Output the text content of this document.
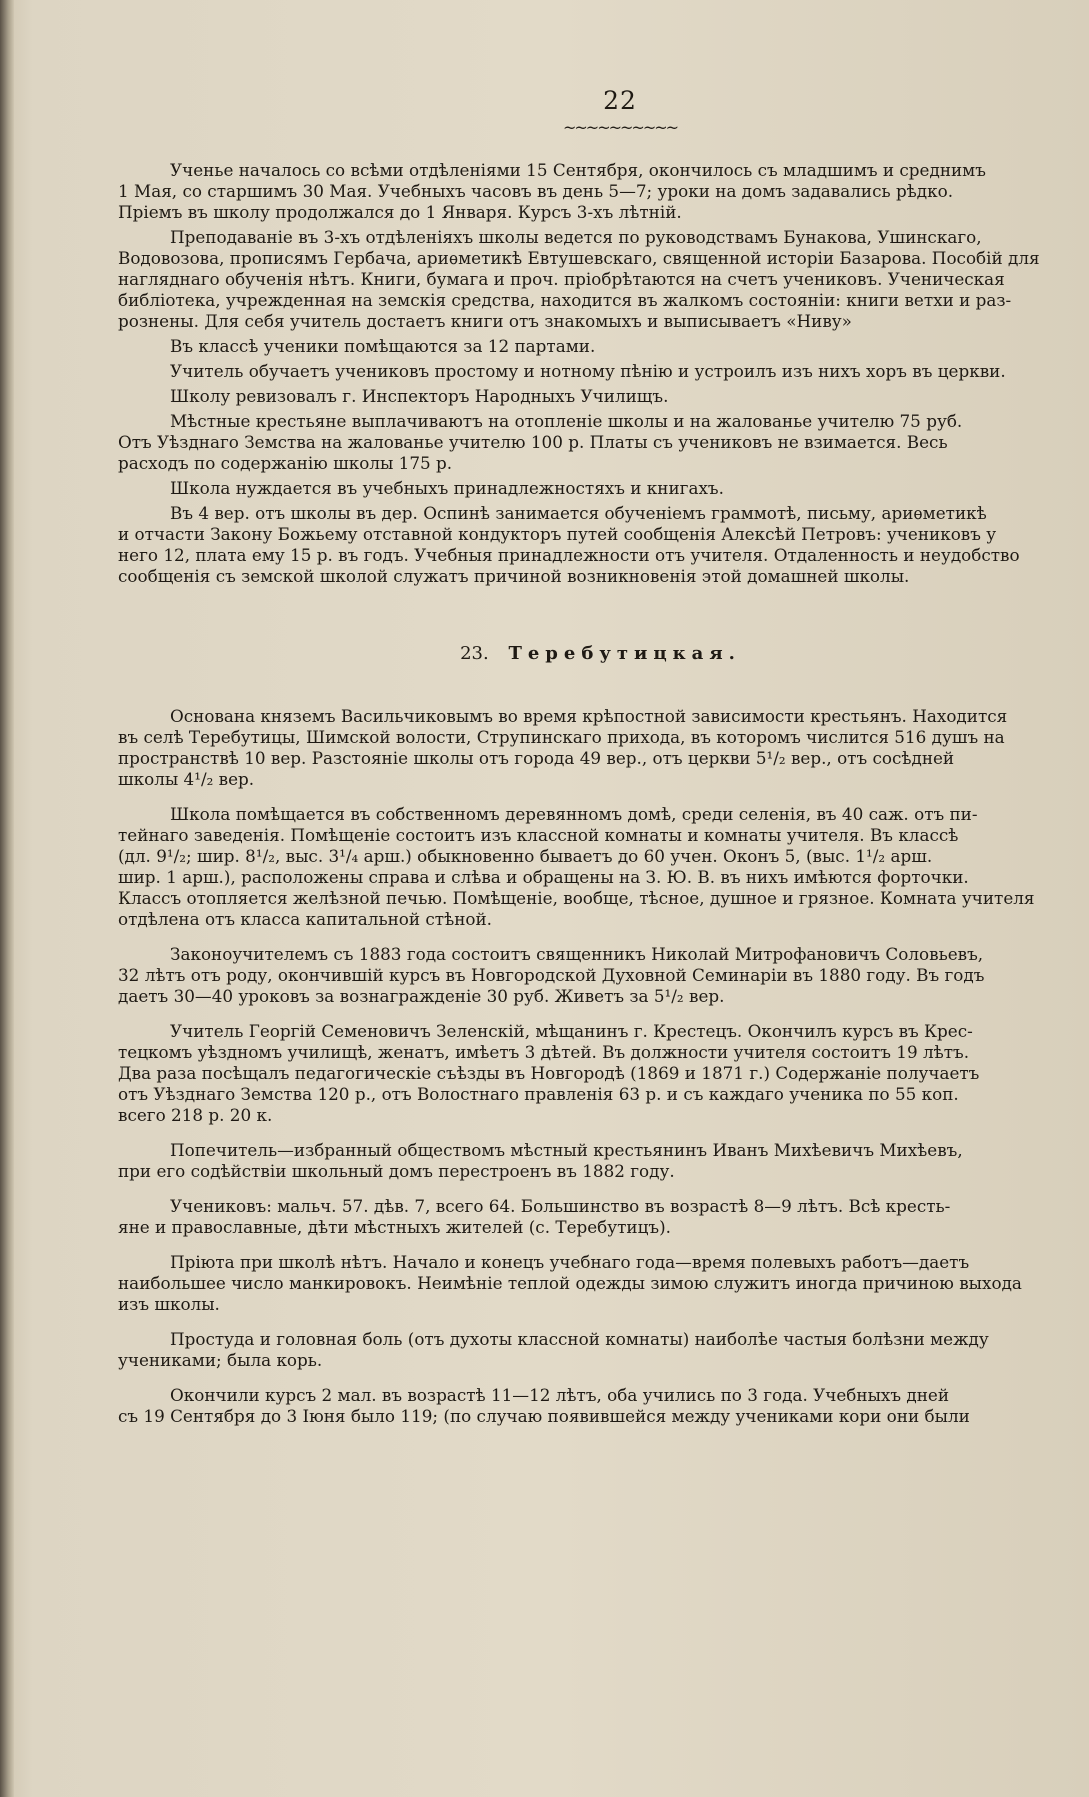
22
~~~~~~~~~~

Ученье началось со всѣми отдѣленіями 15 Сентября, окончилось съ младшимъ и среднимъ
1 Мая, со старшимъ 30 Мая. Учебныхъ часовъ въ день 5—7; уроки на домъ задавались рѣдко.
Пріемъ въ школу продолжался до 1 Января. Курсъ 3-хъ лѣтній.

Преподаваніе въ 3-хъ отдѣленіяхъ школы ведется по руководствамъ Бунакова, Ушинскаго,
Водовозова, прописямъ Гербача, ариѳметикѣ Евтушевскаго, священной исторіи Базарова. Пособій для
нагляднаго обученія нѣтъ. Книги, бумага и проч. пріобрѣтаются на счетъ учениковъ. Ученическая
библiотека, учрежденная на земскія средства, находится въ жалкомъ состояніи: книги ветхи и раз-
рознены. Для себя учитель достаетъ книги отъ знакомыхъ и выписываетъ «Ниву»

Въ классѣ ученики помѣщаются за 12 партами.

Учитель обучаетъ учениковъ простому и нотному пѣнію и устроилъ изъ нихъ хоръ въ церкви.

Школу ревизовалъ г. Инспекторъ Народныхъ Училищъ.

Мѣстные крестьяне выплачиваютъ на отопленіе школы и на жалованье учителю 75 руб.
Отъ Уѣзднаго Земства на жалованье учителю 100 р. Платы съ учениковъ не взимается. Весь
расходъ по содержанію школы 175 р.

Школа нуждается въ учебныхъ принадлежностяхъ и книгахъ.

Въ 4 вер. отъ школы въ дер. Оспинѣ занимается обученіемъ граммотѣ, письму, ариѳметикѣ
и отчасти Закону Божьему отставной кондукторъ путей сообщенія Алексѣй Петровъ: учениковъ у
него 12, плата ему 15 р. въ годъ. Учебныя принадлежности отъ учителя. Отдаленность и неудобство
сообщенія съ земской школой служатъ причиной возникновенія этой домашней школы.

23. Теребутицкая.

Основана княземъ Васильчиковымъ во время крѣпостной зависимости крестьянъ. Находится
въ селѣ Теребутицы, Шимской волости, Струпинскаго прихода, въ которомъ числится 516 душъ на
пространствѣ 10 вер. Разстояніе школы отъ города 49 вер., отъ церкви 5¹/₂ вер., отъ сосѣдней
школы 4¹/₂ вер.

Школа помѣщается въ собственномъ деревянномъ домѣ, среди селенія, въ 40 саж. отъ пи-
тейнаго заведенія. Помѣщеніе состоитъ изъ классной комнаты и комнаты учителя. Въ классѣ
(дл. 9¹/₂; шир. 8¹/₂, выс. 3¹/₄ арш.) обыкновенно бываетъ до 60 учен. Оконъ 5, (выс. 1¹/₂ арш.
шир. 1 арш.), расположены справа и слѣва и обращены на З. Ю. В. въ нихъ имѣются форточки.
Классъ отопляется желѣзной печью. Помѣщеніе, вообще, тѣсное, душное и грязное. Комната учителя
отдѣлена отъ класса капитальной стѣной.

Законоучителемъ съ 1883 года состоитъ священникъ Николай Митрофановичъ Соловьевъ,
32 лѣтъ отъ роду, окончившій курсъ въ Новгородской Духовной Семинаріи въ 1880 году. Въ годъ
даетъ 30—40 уроковъ за вознагражденіе 30 руб. Живетъ за 5¹/₂ вер.

Учитель Георгій Семеновичъ Зеленскій, мѣщанинъ г. Крестецъ. Окончилъ курсъ въ Крес-
тецкомъ уѣздномъ училищѣ, женатъ, имѣетъ 3 дѣтей. Въ должности учителя состоитъ 19 лѣтъ.
Два раза посѣщалъ педагогическіе съѣзды въ Новгородѣ (1869 и 1871 г.) Содержаніе получаетъ
отъ Уѣзднаго Земства 120 р., отъ Волостнаго правленія 63 р. и съ каждаго ученика по 55 коп.
всего 218 р. 20 к.

Попечитель—избранный обществомъ мѣстный крестьянинъ Иванъ Михѣевичъ Михѣевъ,
при его содѣйствіи школьный домъ перестроенъ въ 1882 году.

Учениковъ: мальч. 57. дѣв. 7, всего 64. Большинство въ возрастѣ 8—9 лѣтъ. Всѣ кресть-
яне и православные, дѣти мѣстныхъ жителей (с. Теребутицъ).

Пріюта при школѣ нѣтъ. Начало и конецъ учебнаго года—время полевыхъ работъ—даетъ
наибольшее число манкировокъ. Неимѣніе теплой одежды зимою служитъ иногда причиною выхода
изъ школы.

Простуда и головная боль (отъ духоты классной комнаты) наиболѣе частыя болѣзни между
учениками; была корь.

Окончили курсъ 2 мал. въ возрастѣ 11—12 лѣтъ, оба учились по 3 года. Учебныхъ дней
съ 19 Сентября до 3 Іюня было 119; (по случаю появившейся между учениками кори они были
